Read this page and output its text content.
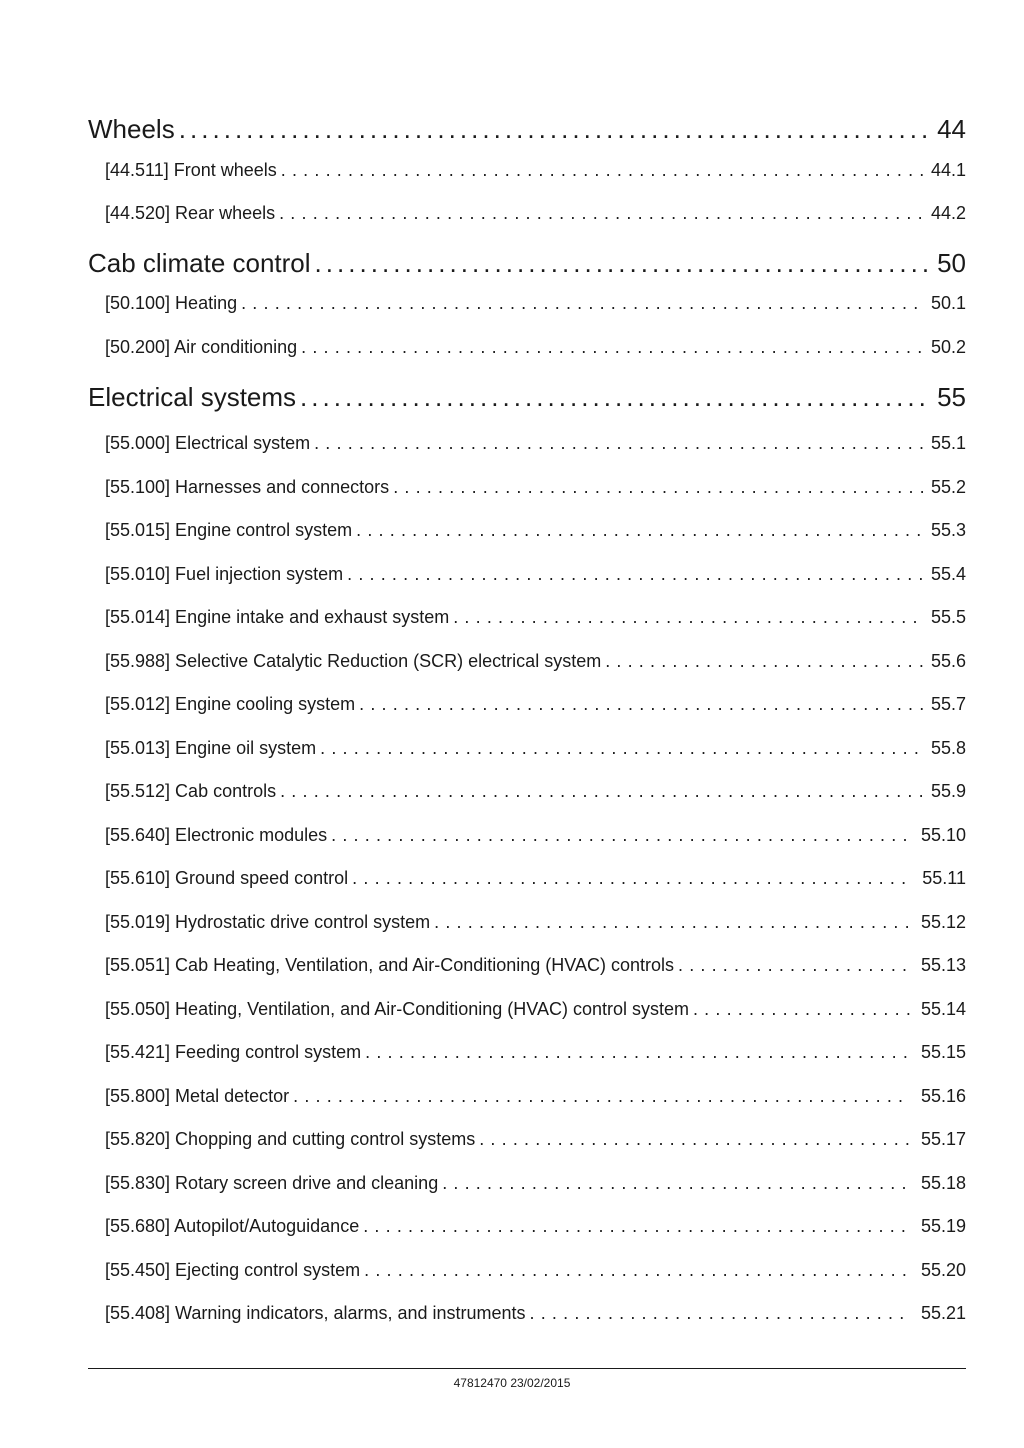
Wheels . . .	44
[44.511] Front wheels . . .	44.1
[44.520] Rear wheels . . .	44.2
Cab climate control . . .	50
[50.100] Heating . . .	50.1
[50.200] Air conditioning . . .	50.2
Electrical systems . . .	55
[55.000] Electrical system . . .	55.1
[55.100] Harnesses and connectors . . .	55.2
[55.015] Engine control system . . .	55.3
[55.010] Fuel injection system . . .	55.4
[55.014] Engine intake and exhaust system . . .	55.5
[55.988] Selective Catalytic Reduction (SCR) electrical system . . .	55.6
[55.012] Engine cooling system . . .	55.7
[55.013] Engine oil system . . .	55.8
[55.512] Cab controls . . .	55.9
[55.640] Electronic modules . . .	55.10
[55.610] Ground speed control . . .	55.11
[55.019] Hydrostatic drive control system . . .	55.12
[55.051] Cab Heating, Ventilation, and Air-Conditioning (HVAC) controls . . .	55.13
[55.050] Heating, Ventilation, and Air-Conditioning (HVAC) control system . . .	55.14
[55.421] Feeding control system . . .	55.15
[55.800] Metal detector . . .	55.16
[55.820] Chopping and cutting control systems . . .	55.17
[55.830] Rotary screen drive and cleaning . . .	55.18
[55.680] Autopilot/Autoguidance . . .	55.19
[55.450] Ejecting control system . . .	55.20
[55.408] Warning indicators, alarms, and instruments . . .	55.21
47812470 23/02/2015
